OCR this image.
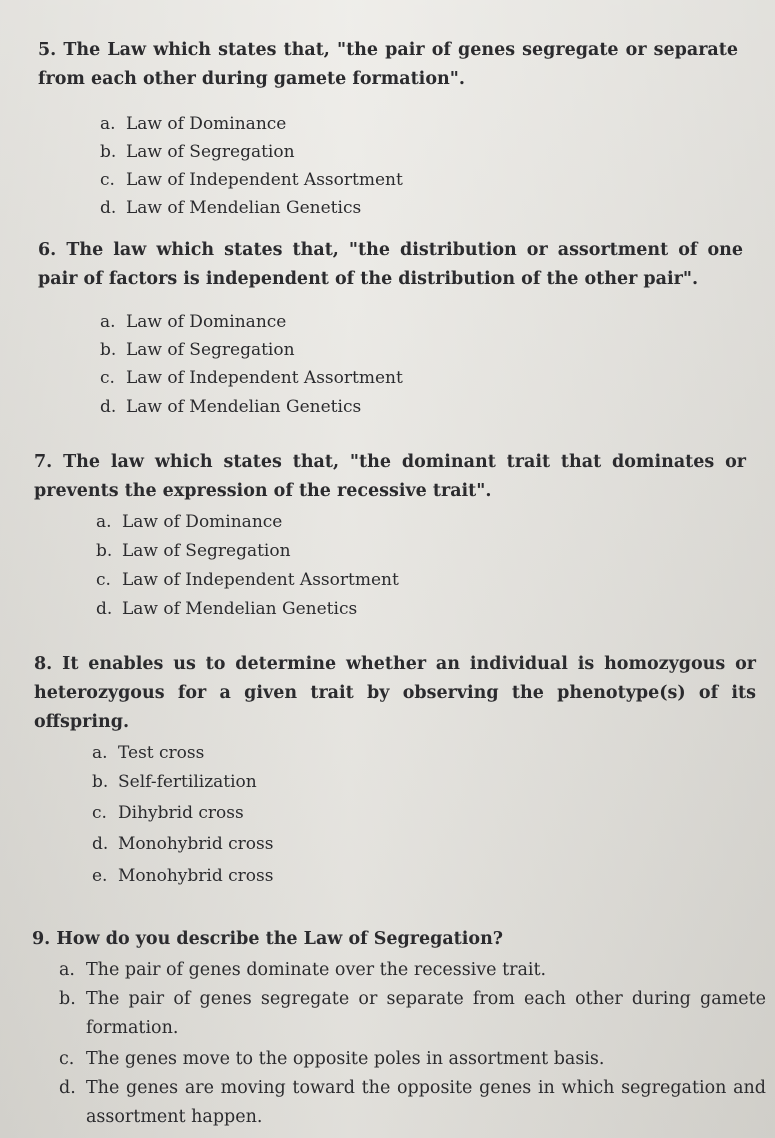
5. The Law which states that, "the pair of genes segregate or separate from each other during gamete formation".
a. Law of Dominance
b. Law of Segregation
c. Law of Independent Assortment
d. Law of Mendelian Genetics
6. The law which states that, "the distribution or assortment of one pair of factors is independent of the distribution of the other pair".
a. Law of Dominance
b. Law of Segregation
c. Law of Independent Assortment
d. Law of Mendelian Genetics
7. The law which states that, "the dominant trait that dominates or prevents the expression of the recessive trait".
a. Law of Dominance
b. Law of Segregation
c. Law of Independent Assortment
d. Law of Mendelian Genetics
8. It enables us to determine whether an individual is homozygous or heterozygous for a given trait by observing the phenotype(s) of its offspring.
a. Test cross
b. Self-fertilization
c. Dihybrid cross
d. Monohybrid cross
e. Monohybrid cross
9. How do you describe the Law of Segregation?
a. The pair of genes dominate over the recessive trait.
b. The pair of genes segregate or separate from each other during gamete formation.
c. The genes move to the opposite poles in assortment basis.
d. The genes are moving toward the opposite genes in which segregation and assortment happen.
